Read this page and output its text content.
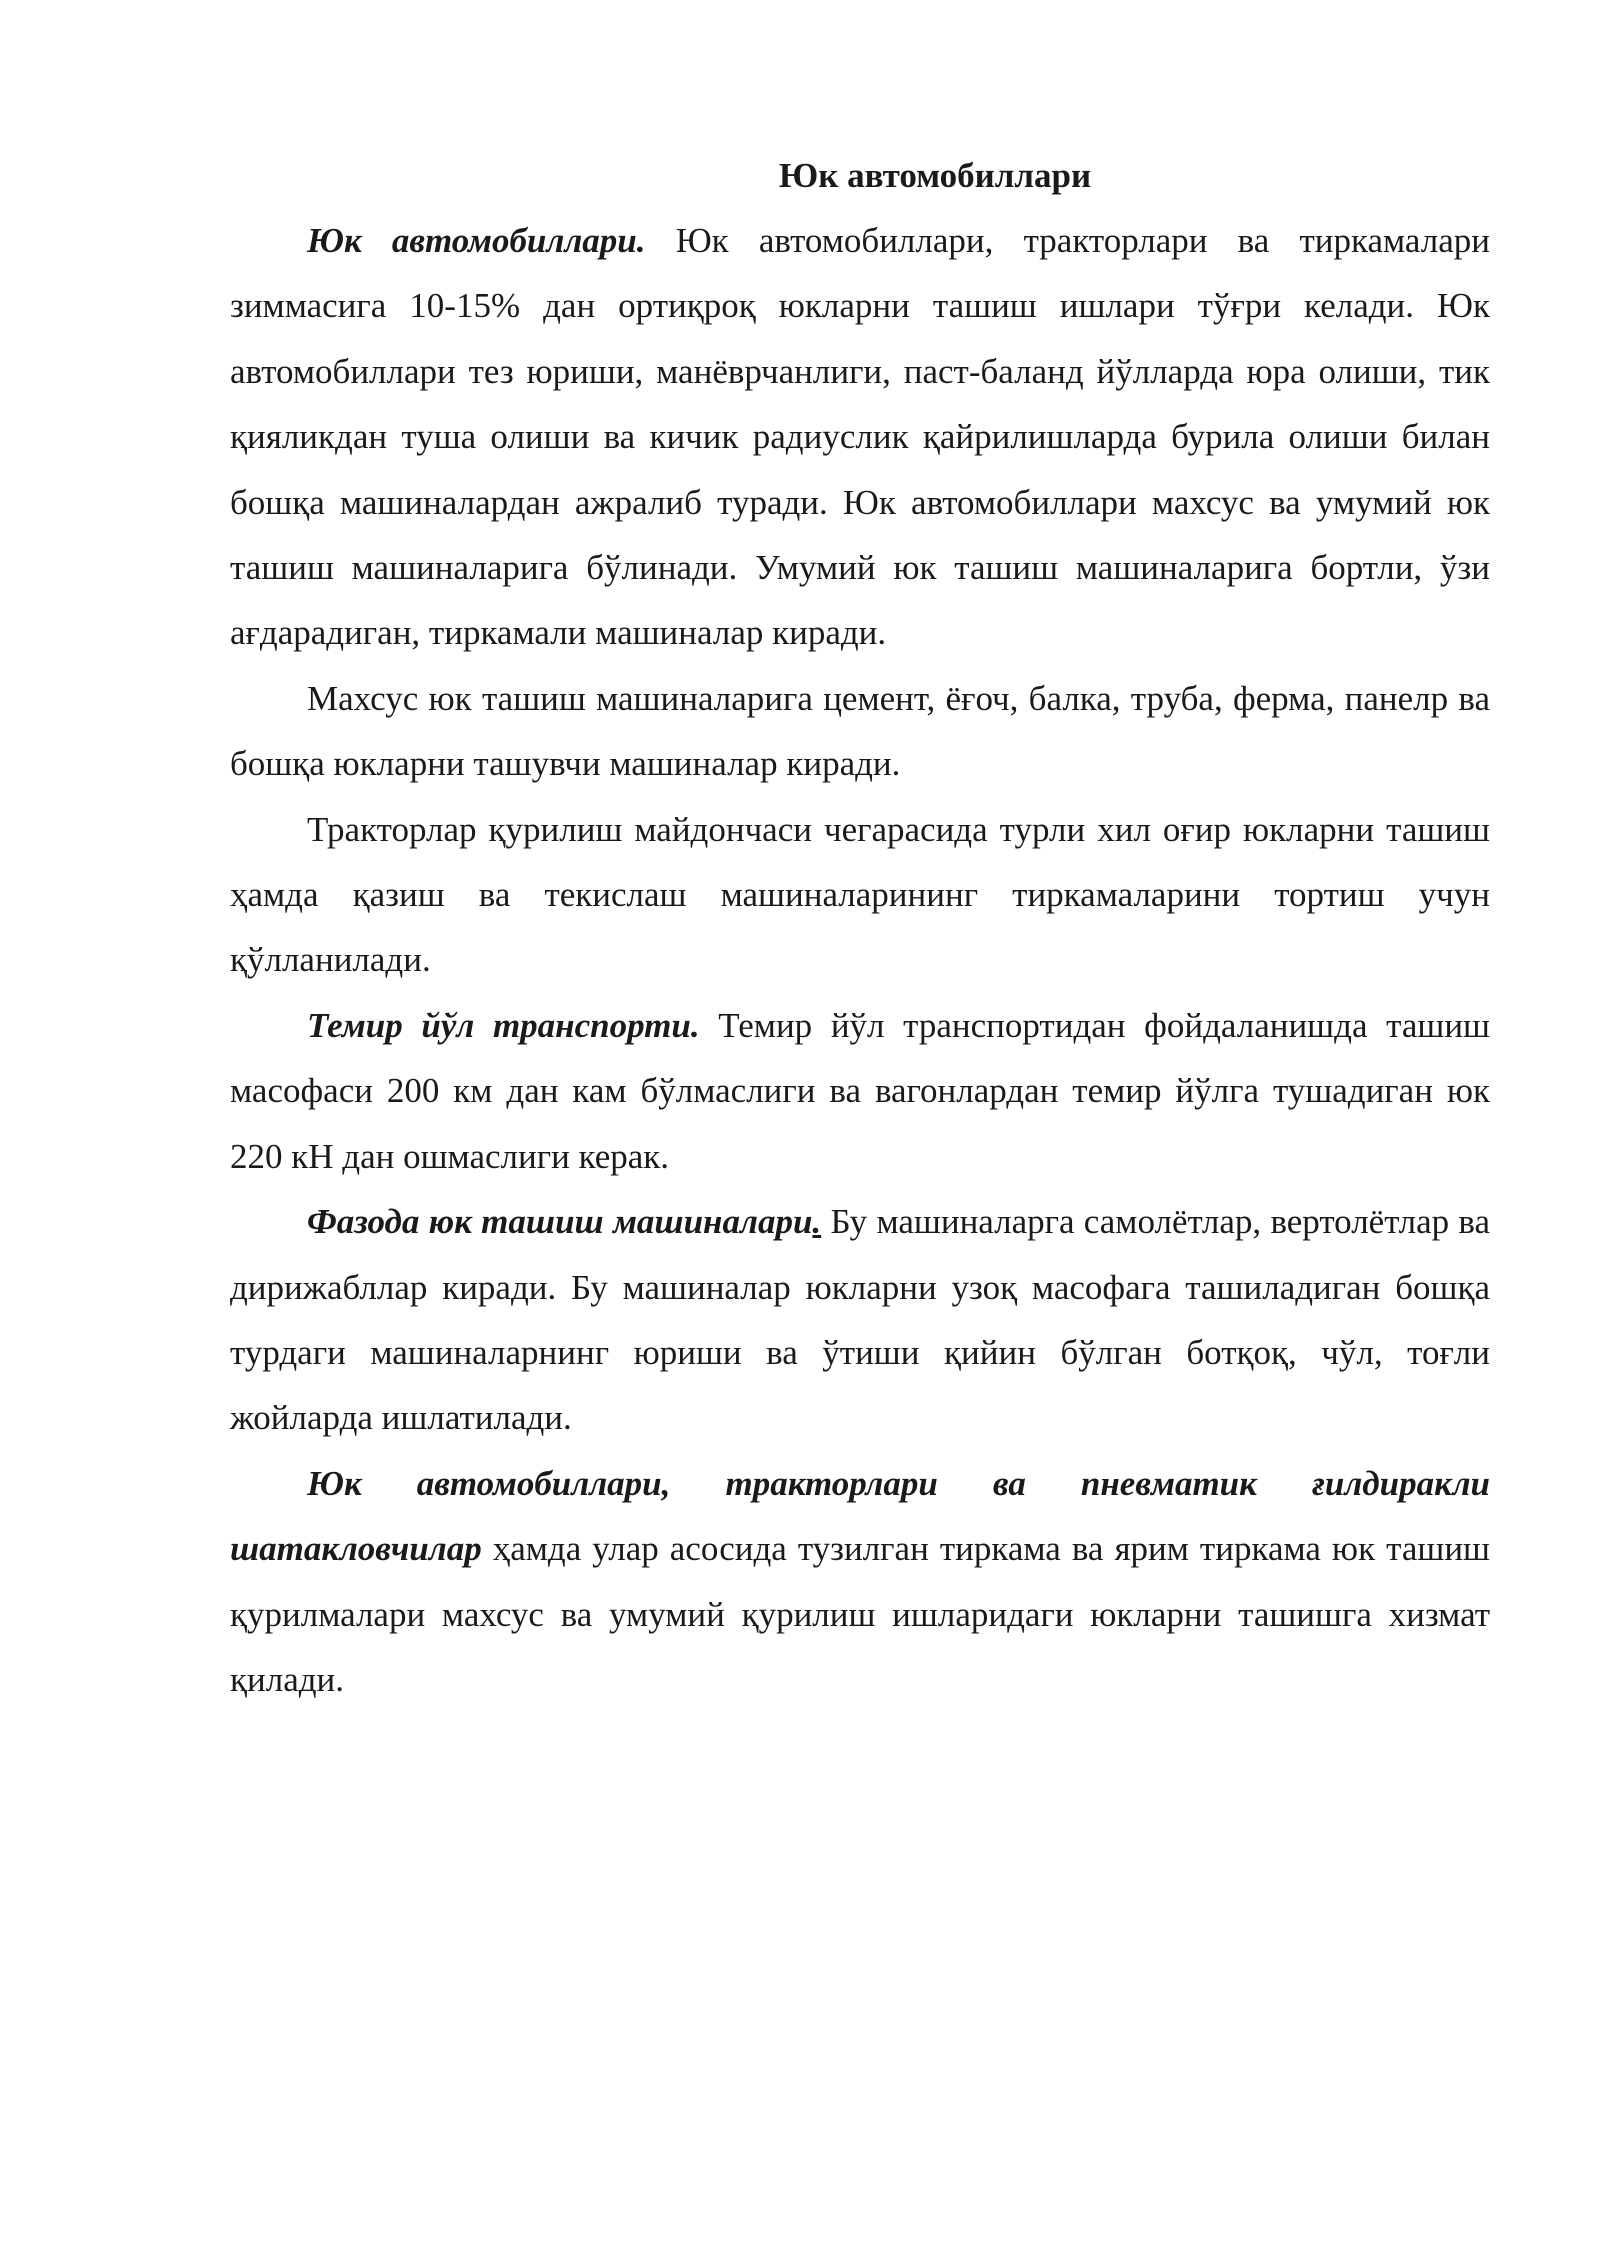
Юк автомобиллари

Юк автомобиллари. Юк автомобиллари, тракторлари ва тиркамалари зиммасига 10-15% дан ортиқроқ юкларни ташиш ишлари тўғри келади. Юк автомобиллари тез юриши, манёврчанлиги, паст-баланд йўлларда юра олиши, тик қияликдан туша олиши ва кичик радиуслик қайрилишларда бурила олиши билан бошқа машиналардан ажралиб туради. Юк автомобиллари махсус ва умумий юк ташиш машиналарига бўлинади. Умумий юк ташиш машиналарига бортли, ўзи ағдарадиган, тиркамали машиналар киради.

Махсус юк ташиш машиналарига цемент, ёғоч, балка, труба, ферма, панелр ва бошқа юкларни ташувчи машиналар киради.

Тракторлар қурилиш майдончаси чегарасида турли хил оғир юкларни ташиш ҳамда қазиш ва текислаш машиналарининг тиркамаларини тортиш учун қўлланилади.

Темир йўл транспорти. Темир йўл транспортидан фойдаланишда ташиш масофаси 200 км дан кам бўлмаслиги ва вагонлардан темир йўлга тушадиган юк 220 кН дан ошмаслиги керак.

Фазода юк ташиш машиналари. Бу машиналарга самолётлар, вертолётлар ва дирижабллар киради. Бу машиналар юкларни узоқ масофага ташиладиган бошқа турдаги машиналарнинг юриши ва ўтиши қийин бўлган ботқоқ, чўл, тоғли жойларда ишлатилади.

Юк автомобиллари, тракторлари ва пневматик ғилдиракли шатакловчилар ҳамда улар асосида тузилган тиркама ва ярим тиркама юк ташиш қурилмалари махсус ва умумий қурилиш ишларидаги юкларни ташишга хизмат қилади.
